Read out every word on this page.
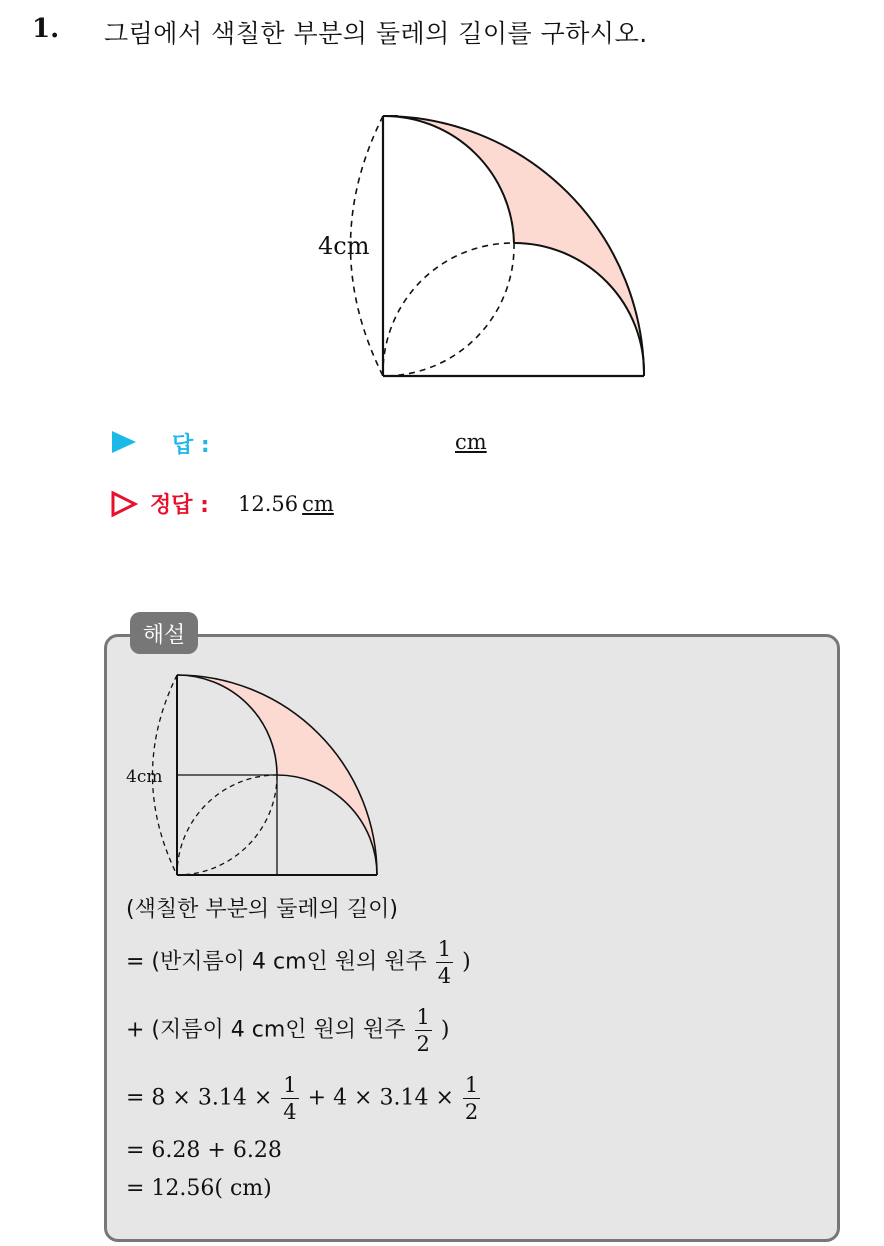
1. 그림에서 색칠한 부분의 둘레의 길이를 구하시오.
4cm
답 :	cm
정답 : 12.56 cm
해설
4cm
(색칠한 부분의 둘레의 길이)
= (반지름이 4 cm인 원의 원주 $\frac{1}{4}$ )
+ (지름이 4 cm인 원의 원주 $\frac{1}{2}$ )
= $8 \times 3.14 \times \frac{1}{4} + 4 \times 3.14 \times \frac{1}{2}$
= 6.28 + 6.28
= 12.56( cm)
